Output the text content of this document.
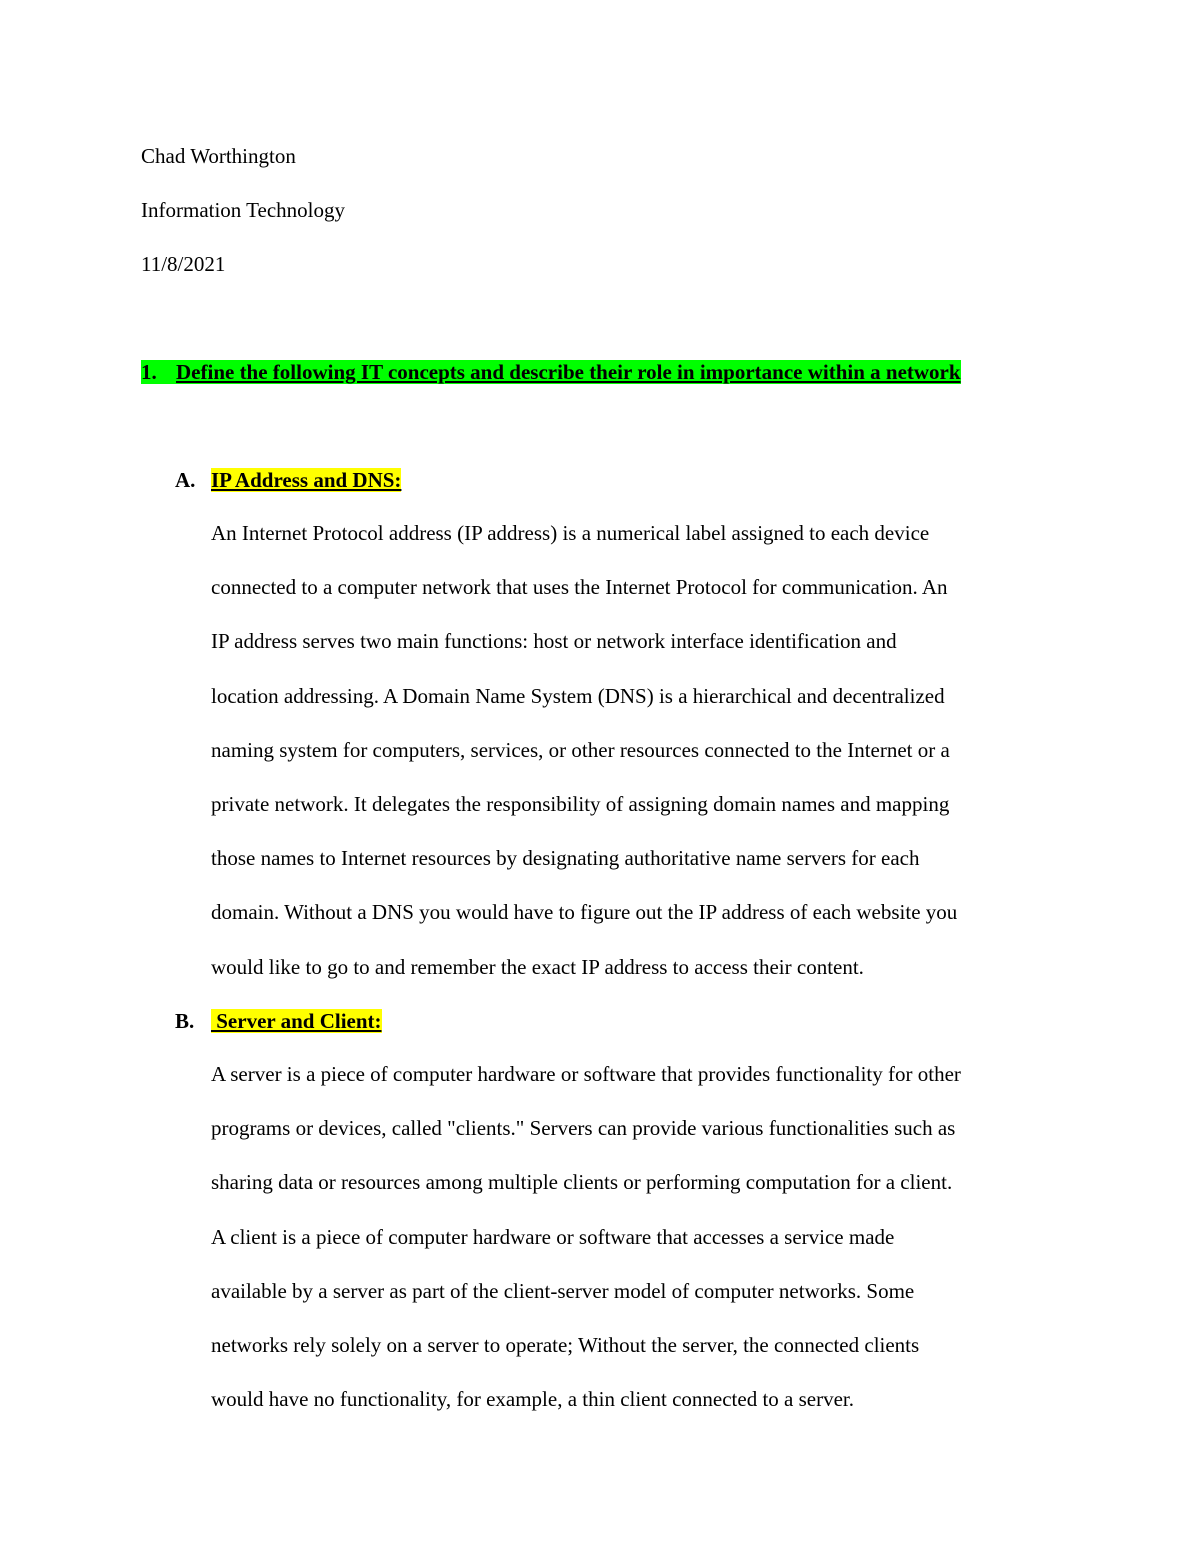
Chad Worthington
Information Technology
11/8/2021
1. Define the following IT concepts and describe their role in importance within a network
A. IP Address and DNS:
An Internet Protocol address (IP address) is a numerical label assigned to each device
connected to a computer network that uses the Internet Protocol for communication. An
IP address serves two main functions: host or network interface identification and
location addressing. A Domain Name System (DNS) is a hierarchical and decentralized
naming system for computers, services, or other resources connected to the Internet or a
private network. It delegates the responsibility of assigning domain names and mapping
those names to Internet resources by designating authoritative name servers for each
domain. Without a DNS you would have to figure out the IP address of each website you
would like to go to and remember the exact IP address to access their content.
B. Server and Client:
A server is a piece of computer hardware or software that provides functionality for other
programs or devices, called "clients." Servers can provide various functionalities such as
sharing data or resources among multiple clients or performing computation for a client.
A client is a piece of computer hardware or software that accesses a service made
available by a server as part of the client-server model of computer networks. Some
networks rely solely on a server to operate; Without the server, the connected clients
would have no functionality, for example, a thin client connected to a server.
